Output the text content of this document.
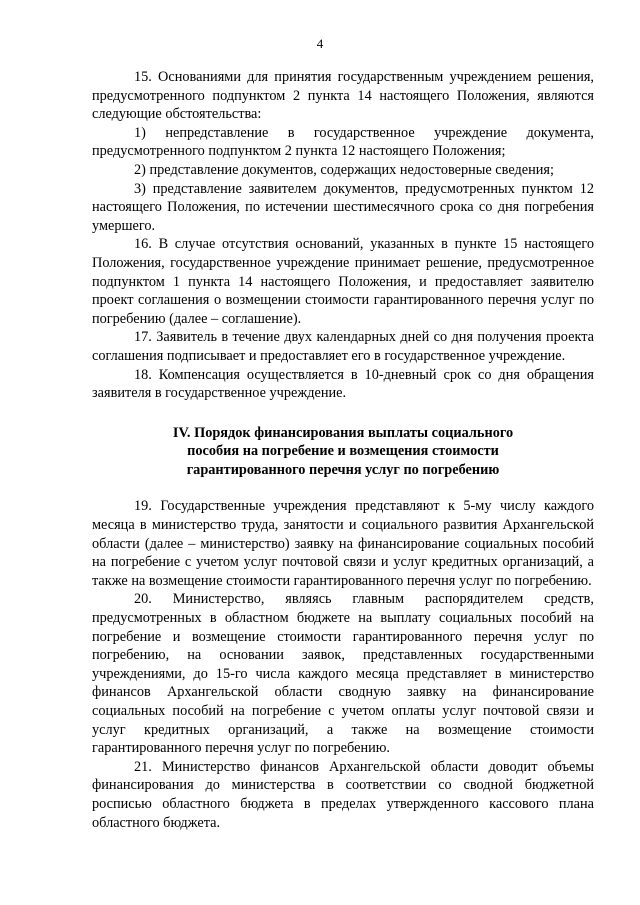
4

15. Основаниями для принятия государственным учреждением решения, предусмотренного подпунктом 2 пункта 14 настоящего Положения, являются следующие обстоятельства:

1) непредставление в государственное учреждение документа, предусмотренного подпунктом 2 пункта 12 настоящего Положения;

2) представление документов, содержащих недостоверные сведения;

3) представление заявителем документов, предусмотренных пунктом 12 настоящего Положения, по истечении шестимесячного срока со дня погребения умершего.

16. В случае отсутствия оснований, указанных в пункте 15 настоящего Положения, государственное учреждение принимает решение, предусмотренное подпунктом 1 пункта 14 настоящего Положения, и предоставляет заявителю проект соглашения о возмещении стоимости гарантированного перечня услуг по погребению (далее – соглашение).

17. Заявитель в течение двух календарных дней со дня получения проекта соглашения подписывает и предоставляет его в государственное учреждение.

18. Компенсация осуществляется в 10-дневный срок со дня обращения заявителя в государственное учреждение.

IV. Порядок финансирования выплаты социального
пособия на погребение и возмещения стоимости
гарантированного перечня услуг по погребению

19. Государственные учреждения представляют к 5-му числу каждого месяца в министерство труда, занятости и социального развития Архангельской области (далее – министерство) заявку на финансирование социальных пособий на погребение с учетом услуг почтовой связи и услуг кредитных организаций, а также на возмещение стоимости гарантированного перечня услуг по погребению.

20. Министерство, являясь главным распорядителем средств, предусмотренных в областном бюджете на выплату социальных пособий на погребение и возмещение стоимости гарантированного перечня услуг по погребению, на основании заявок, представленных государственными учреждениями, до 15-го числа каждого месяца представляет в министерство финансов Архангельской области сводную заявку на финансирование социальных пособий на погребение с учетом оплаты услуг почтовой связи и услуг кредитных организаций, а также на возмещение стоимости гарантированного перечня услуг по погребению.

21. Министерство финансов Архангельской области доводит объемы финансирования до министерства в соответствии со сводной бюджетной росписью областного бюджета в пределах утвержденного кассового плана областного бюджета.
